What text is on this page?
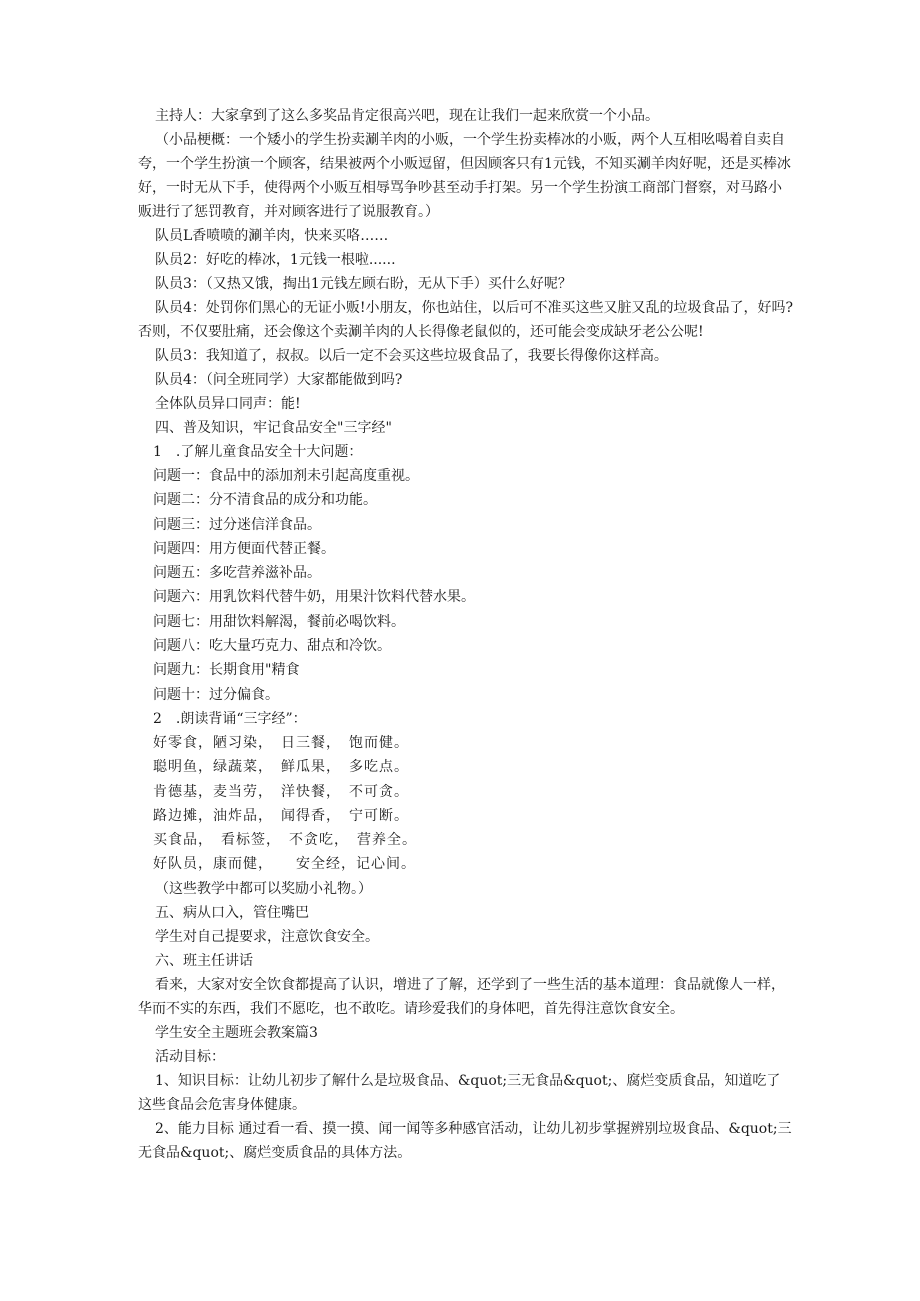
主持人：大家拿到了这么多奖品肯定很高兴吧，现在让我们一起来欣赏一个小品。

（小品梗概：一个矮小的学生扮卖涮羊肉的小贩，一个学生扮卖棒冰的小贩，两个人互相吆喝着自卖自夸，一个学生扮演一个顾客，结果被两个小贩逗留，但因顾客只有1元钱，不知买涮羊肉好呢，还是买棒冰好，一时无从下手，使得两个小贩互相辱骂争吵甚至动手打架。另一个学生扮演工商部门督察，对马路小贩进行了惩罚教育，并对顾客进行了说服教育。）

队员L香喷喷的涮羊肉，快来买咯……

队员2：好吃的棒冰，1元钱一根啦......

队员3：（又热又饿，掏出1元钱左顾右盼，无从下手）买什么好呢？

队员4：处罚你们黑心的无证小贩!小朋友，你也站住，以后可不准买这些又脏又乱的垃圾食品了，好吗?否则，不仅要肚痛，还会像这个卖涮羊肉的人长得像老鼠似的，还可能会变成缺牙老公公呢!

队员3：我知道了，叔叔。以后一定不会买这些垃圾食品了，我要长得像你这样高。

队员4：（问全班同学）大家都能做到吗?

全体队员异口同声：能!

四、普及知识，牢记食品安全"三字经"

1　.了解儿童食品安全十大问题：

问题一：食品中的添加剂未引起高度重视。

问题二：分不清食品的成分和功能。

问题三：过分迷信洋食品。

问题四：用方便面代替正餐。

问题五：多吃营养滋补品。

问题六：用乳饮料代替牛奶，用果汁饮料代替水果。

问题七：用甜饮料解渴，餐前必喝饮料。

问题八：吃大量巧克力、甜点和冷饮。

问题九：长期食用"精食

问题十：过分偏食。

2　.朗读背诵“三字经”：

好零食，陋习染，　日三餐，　饱而健。

聪明鱼，绿蔬菜，　鲜瓜果，　多吃点。

肯德基，麦当劳，　洋快餐，　不可贪。

路边摊，油炸品，　闻得香，　宁可断。

买食品，　看标签，　不贪吃，　营养全。

好队员，康而健，　　安全经，记心间。

（这些教学中都可以奖励小礼物。）

五、病从口入，管住嘴巴

学生对自己提要求，注意饮食安全。

六、班主任讲话

看来，大家对安全饮食都提高了认识，增进了了解，还学到了一些生活的基本道理：食品就像人一样，华而不实的东西，我们不愿吃，也不敢吃。请珍爱我们的身体吧，首先得注意饮食安全。

学生安全主题班会教案篇3

活动目标：

1、知识目标：让幼儿初步了解什么是垃圾食品、&quot;三无食品&quot;、腐烂变质食品，知道吃了这些食品会危害身体健康。

2、能力目标 通过看一看、摸一摸、闻一闻等多种感官活动，让幼儿初步掌握辨别垃圾食品、&quot;三无食品&quot;、腐烂变质食品的具体方法。
